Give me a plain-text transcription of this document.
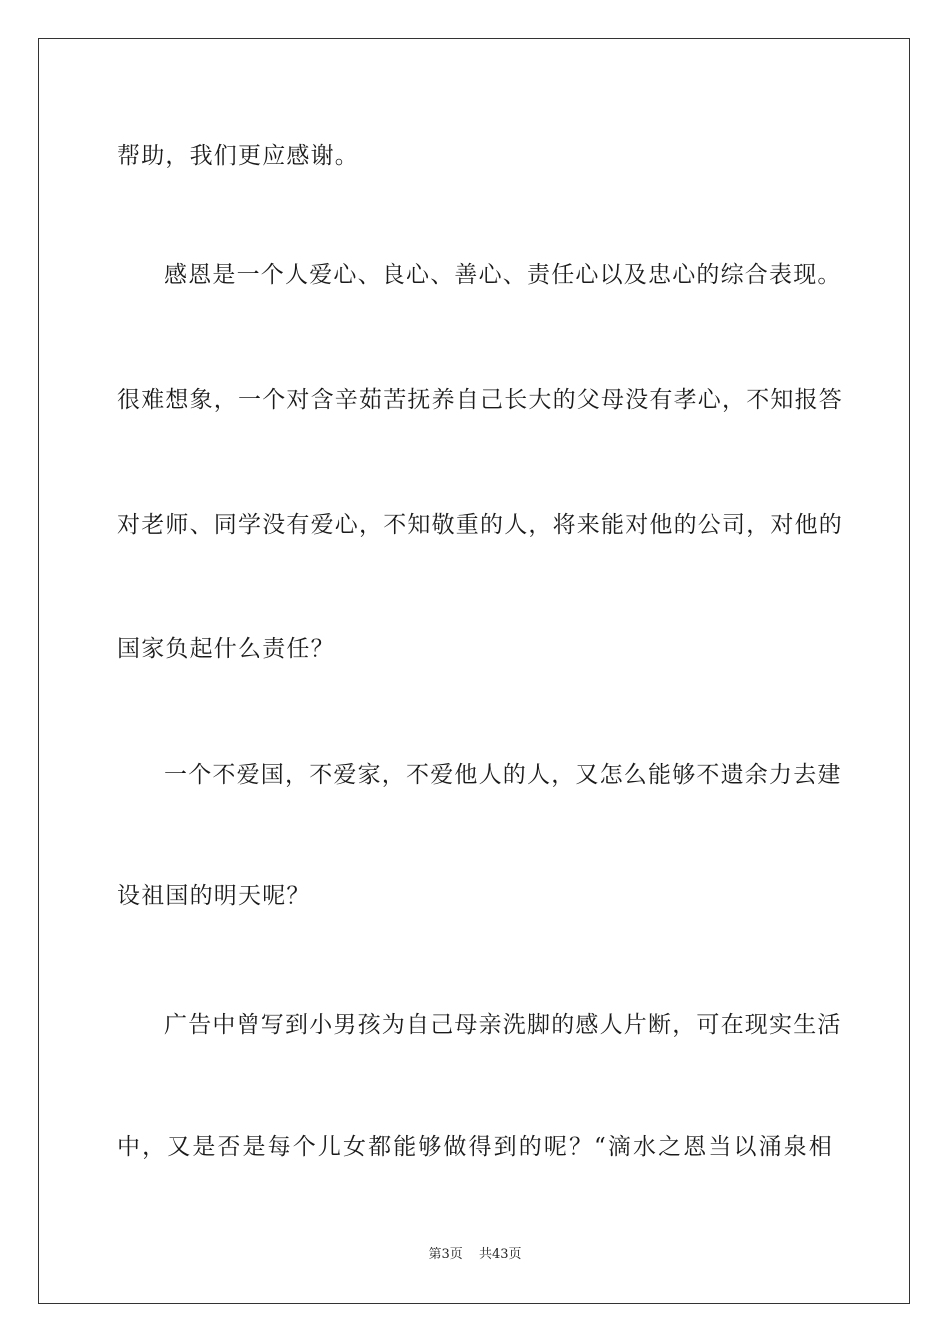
帮助，我们更应感谢。
感恩是一个人爱心、良心、善心、责任心以及忠心的综合表现。
很难想象，一个对含辛茹苦抚养自己长大的父母没有孝心，不知报答
对老师、同学没有爱心，不知敬重的人，将来能对他的公司，对他的
国家负起什么责任？
一个不爱国，不爱家，不爱他人的人，又怎么能够不遗余力去建
设祖国的明天呢？
广告中曾写到小男孩为自己母亲洗脚的感人片断，可在现实生活
中，又是否是每个儿女都能够做得到的呢？“滴水之恩当以涌泉相
第3页 共43页
